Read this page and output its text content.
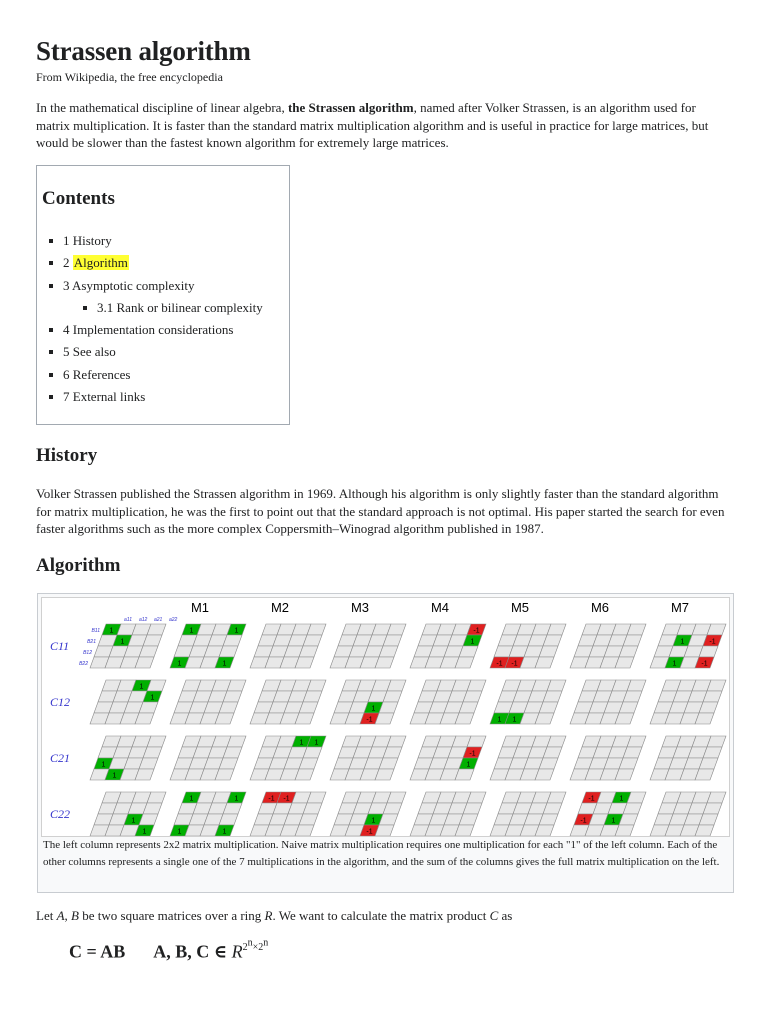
Strassen algorithm
From Wikipedia, the free encyclopedia

In the mathematical discipline of linear algebra, the Strassen algorithm, named after Volker Strassen, is an algorithm used for matrix multiplication. It is faster than the standard matrix multiplication algorithm and is useful in practice for large matrices, but would be slower than the fastest known algorithm for extremely large matrices.

Contents
1 History
2 Algorithm
3 Asymptotic complexity
3.1 Rank or bilinear complexity
4 Implementation considerations
5 See also
6 References
7 External links
History

Volker Strassen published the Strassen algorithm in 1969. Although his algorithm is only slightly faster than the standard algorithm for matrix multiplication, he was the first to point out that the standard approach is not optimal. His paper started the search for even faster algorithms such as the more complex Coppersmith–Winograd algorithm published in 1987.

Algorithm
M1	M2	M3	M4	M5	M6	M7
C11
C12
C21
C22
a11 a12 a21 a22
B11
B21
B12
B22
1
1
1	1
1	1
-1
1
-1 -1
1	-1
1	-1
1
1
1
-1	1 1
1
1
1 1
-1
1
1
1
1	1
1	1
-1 -1
1
-1
-1	1
-1	1
The left column represents 2x2 matrix multiplication. Naive matrix multiplication requires one multiplication for each "1" of the left column. Each of the other columns represents a single one of the 7 multiplications in the algorithm, and the sum of the columns gives the full matrix multiplication on the left.
Let A, B be two square matrices over a ring R. We want to calculate the matrix product C as
C = AB A, B, C ∈ $R^{2^n\times 2^n}$
